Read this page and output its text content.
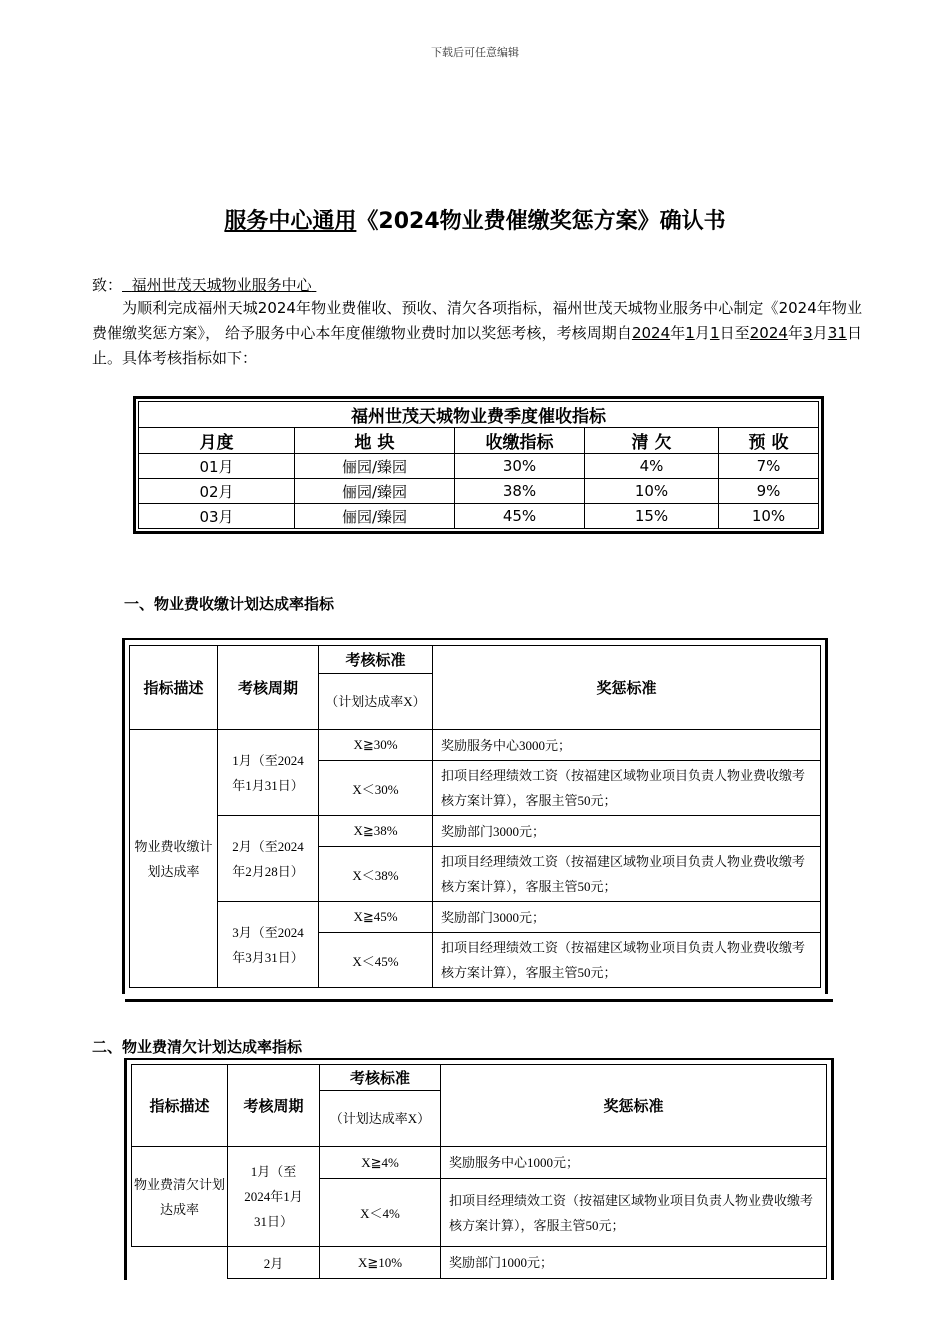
下载后可任意编辑
服务中心通用《2024物业费催缴奖惩方案》确认书
致： 福州世茂天城物业服务中心
为顺利完成福州天城2024年物业费催收、预收、清欠各项指标，福州世茂天城物业服务中心制定《2024年物业费催缴奖惩方案》， 给予服务中心本年度催缴物业费时加以奖惩考核，考核周期自2024年1月1日至2024年3月31日止。具体考核指标如下：
福州世茂天城物业费季度催收指标				
月度	地 块	收缴指标	清 欠	预 收
01月	俪园/臻园	30%	4%	7%
02月	俪园/臻园	38%	10%	9%
03月	俪园/臻园	45%	15%	10%
一、物业费收缴计划达成率指标
指标描述	考核周期	考核标准	奖惩标准
		（计划达成率X）	
物业费收缴计划达成率	1月（至2024年1月31日）	X≧30%	奖励服务中心3000元；
		X＜30%	扣项目经理绩效工资（按福建区域物业项目负责人物业费收缴考核方案计算），客服主管50元；
	2月（至2024年2月28日）	X≧38%	奖励部门3000元；
		X＜38%	扣项目经理绩效工资（按福建区域物业项目负责人物业费收缴考核方案计算），客服主管50元；
	3月（至2024年3月31日）	X≧45%	奖励部门3000元；
		X＜45%	扣项目经理绩效工资（按福建区域物业项目负责人物业费收缴考核方案计算），客服主管50元；
二、物业费清欠计划达成率指标
指标描述	考核周期	考核标准	奖惩标准
		（计划达成率X）	
物业费清欠计划达成率	1月（至2024年1月31日）	X≧4%	奖励服务中心1000元；
		X＜4%	扣项目经理绩效工资（按福建区域物业项目负责人物业费收缴考核方案计算），客服主管50元；
	2月	X≧10%	奖励部门1000元；
